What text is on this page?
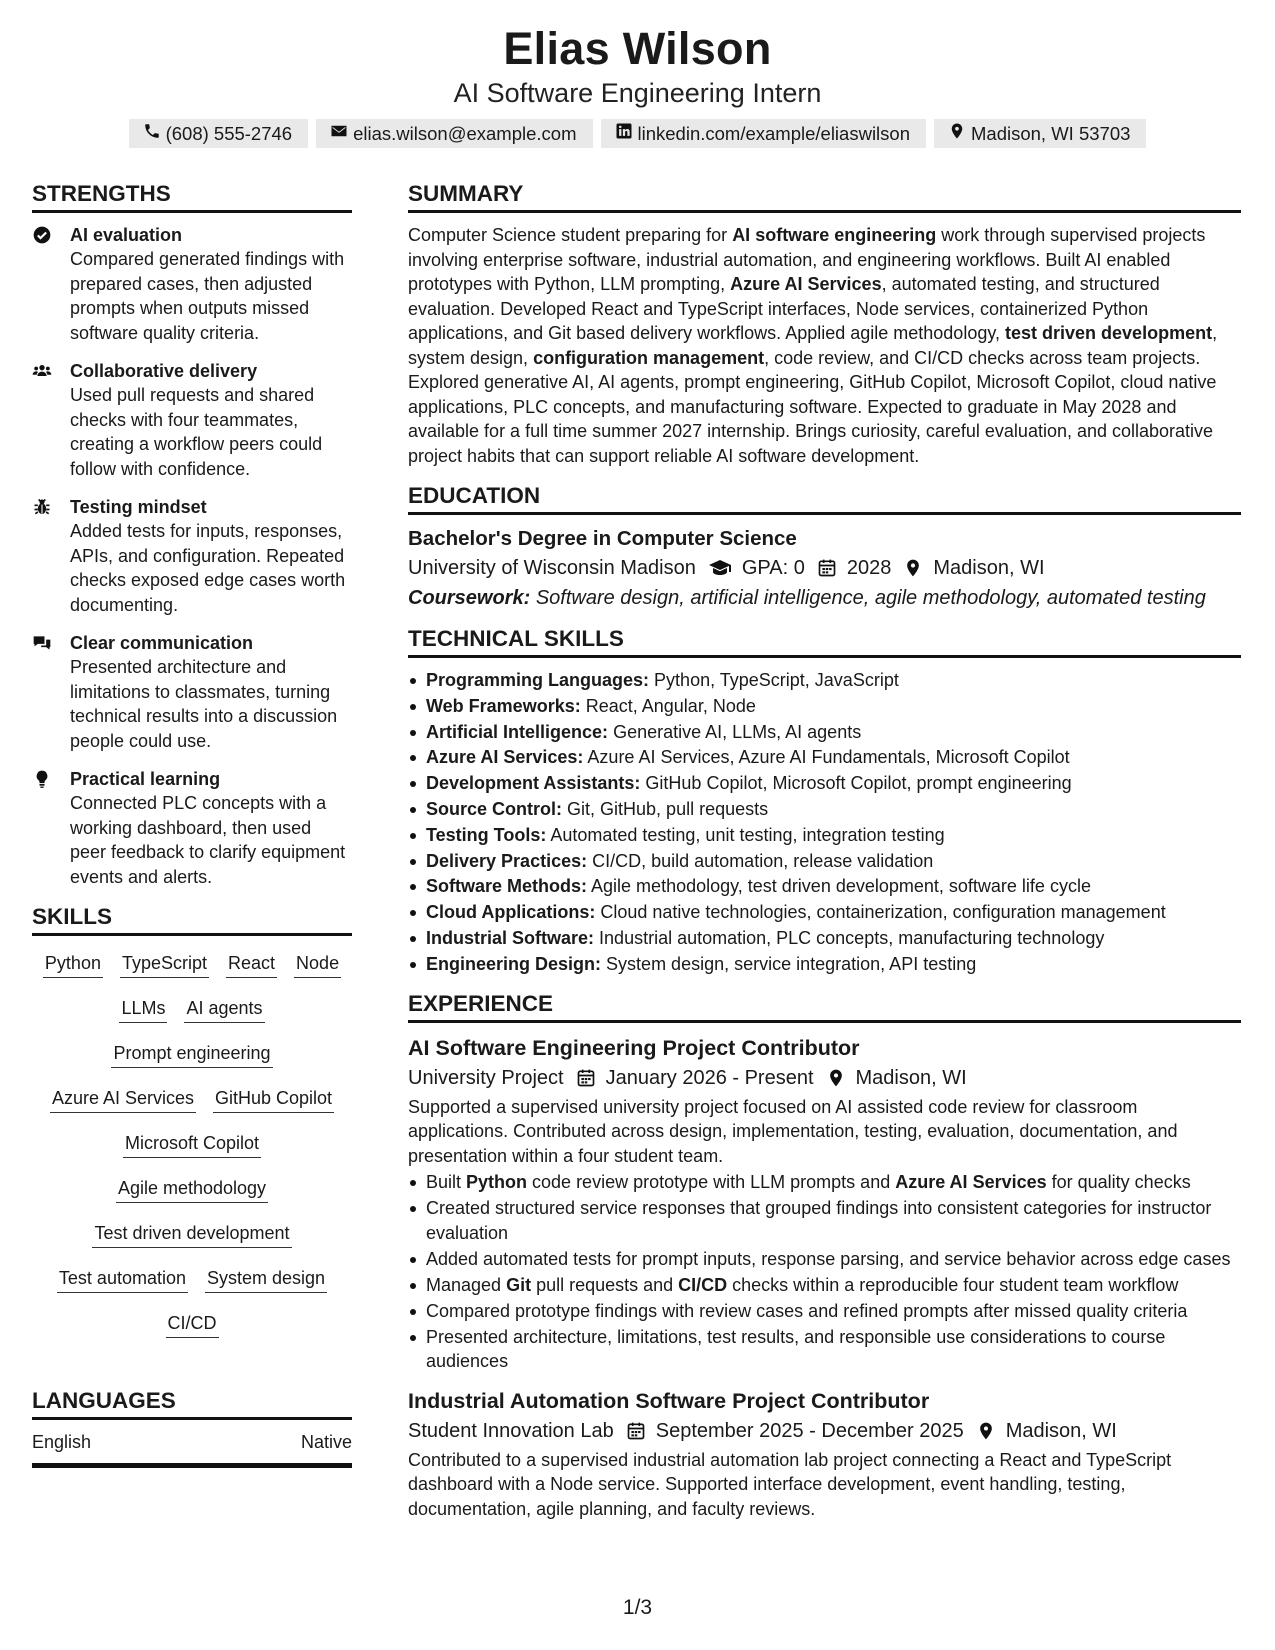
Elias Wilson
AI Software Engineering Intern
(608) 555-2746	elias.wilson@example.com	linkedin.com/example/eliaswilson	Madison, WI 53703
STRENGTHS
AI evaluation
Compared generated findings with prepared cases, then adjusted prompts when outputs missed software quality criteria.
Collaborative delivery
Used pull requests and shared checks with four teammates, creating a workflow peers could follow with confidence.
Testing mindset
Added tests for inputs, responses, APIs, and configuration. Repeated checks exposed edge cases worth documenting.
Clear communication
Presented architecture and limitations to classmates, turning technical results into a discussion people could use.
Practical learning
Connected PLC concepts with a working dashboard, then used peer feedback to clarify equipment events and alerts.
SKILLS
Python TypeScript React Node
LLMs AI agents
Prompt engineering
Azure AI Services GitHub Copilot
Microsoft Copilot
Agile methodology
Test driven development
Test automation System design
CI/CD
LANGUAGES
English	Native
SUMMARY
Computer Science student preparing for AI software engineering work through supervised projects involving enterprise software, industrial automation, and engineering workflows. Built AI enabled prototypes with Python, LLM prompting, Azure AI Services, automated testing, and structured evaluation. Developed React and TypeScript interfaces, Node services, containerized Python applications, and Git based delivery workflows. Applied agile methodology, test driven development, system design, configuration management, code review, and CI/CD checks across team projects. Explored generative AI, AI agents, prompt engineering, GitHub Copilot, Microsoft Copilot, cloud native applications, PLC concepts, and manufacturing software. Expected to graduate in May 2028 and available for a full time summer 2027 internship. Brings curiosity, careful evaluation, and collaborative project habits that can support reliable AI software development.
EDUCATION
Bachelor's Degree in Computer Science
University of Wisconsin Madison GPA: 0 2028 Madison, WI
Coursework: Software design, artificial intelligence, agile methodology, automated testing
TECHNICAL SKILLS
Programming Languages: Python, TypeScript, JavaScript
Web Frameworks: React, Angular, Node
Artificial Intelligence: Generative AI, LLMs, AI agents
Azure AI Services: Azure AI Services, Azure AI Fundamentals, Microsoft Copilot
Development Assistants: GitHub Copilot, Microsoft Copilot, prompt engineering
Source Control: Git, GitHub, pull requests
Testing Tools: Automated testing, unit testing, integration testing
Delivery Practices: CI/CD, build automation, release validation
Software Methods: Agile methodology, test driven development, software life cycle
Cloud Applications: Cloud native technologies, containerization, configuration management
Industrial Software: Industrial automation, PLC concepts, manufacturing technology
Engineering Design: System design, service integration, API testing
EXPERIENCE
AI Software Engineering Project Contributor
University Project January 2026 - Present Madison, WI
Supported a supervised university project focused on AI assisted code review for classroom applications. Contributed across design, implementation, testing, evaluation, documentation, and presentation within a four student team.
Built Python code review prototype with LLM prompts and Azure AI Services for quality checks
Created structured service responses that grouped findings into consistent categories for instructor evaluation
Added automated tests for prompt inputs, response parsing, and service behavior across edge cases
Managed Git pull requests and CI/CD checks within a reproducible four student team workflow
Compared prototype findings with review cases and refined prompts after missed quality criteria
Presented architecture, limitations, test results, and responsible use considerations to course audiences
Industrial Automation Software Project Contributor
Student Innovation Lab September 2025 - December 2025 Madison, WI
Contributed to a supervised industrial automation lab project connecting a React and TypeScript dashboard with a Node service. Supported interface development, event handling, testing, documentation, agile planning, and faculty reviews.
1/3
